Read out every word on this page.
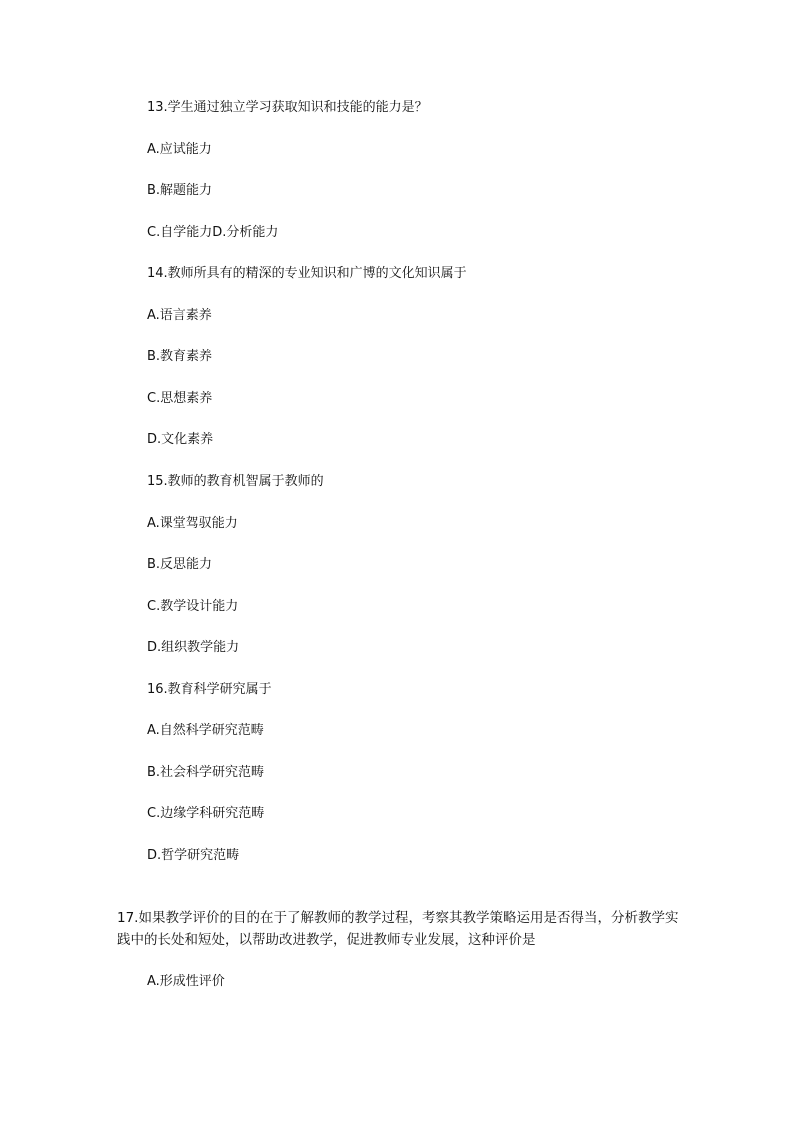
13.学生通过独立学习获取知识和技能的能力是？
A.应试能力
B.解题能力
C.自学能力D.分析能力
14.教师所具有的精深的专业知识和广博的文化知识属于
A.语言素养
B.教育素养
C.思想素养
D.文化素养
15.教师的教育机智属于教师的
A.课堂驾驭能力
B.反思能力
C.教学设计能力
D.组织教学能力
16.教育科学研究属于
A.自然科学研究范畴
B.社会科学研究范畴
C.边缘学科研究范畴
D.哲学研究范畴
17.如果教学评价的目的在于了解教师的教学过程，考察其教学策略运用是否得当，分析教学实践中的长处和短处，以帮助改进教学，促进教师专业发展，这种评价是
A.形成性评价
